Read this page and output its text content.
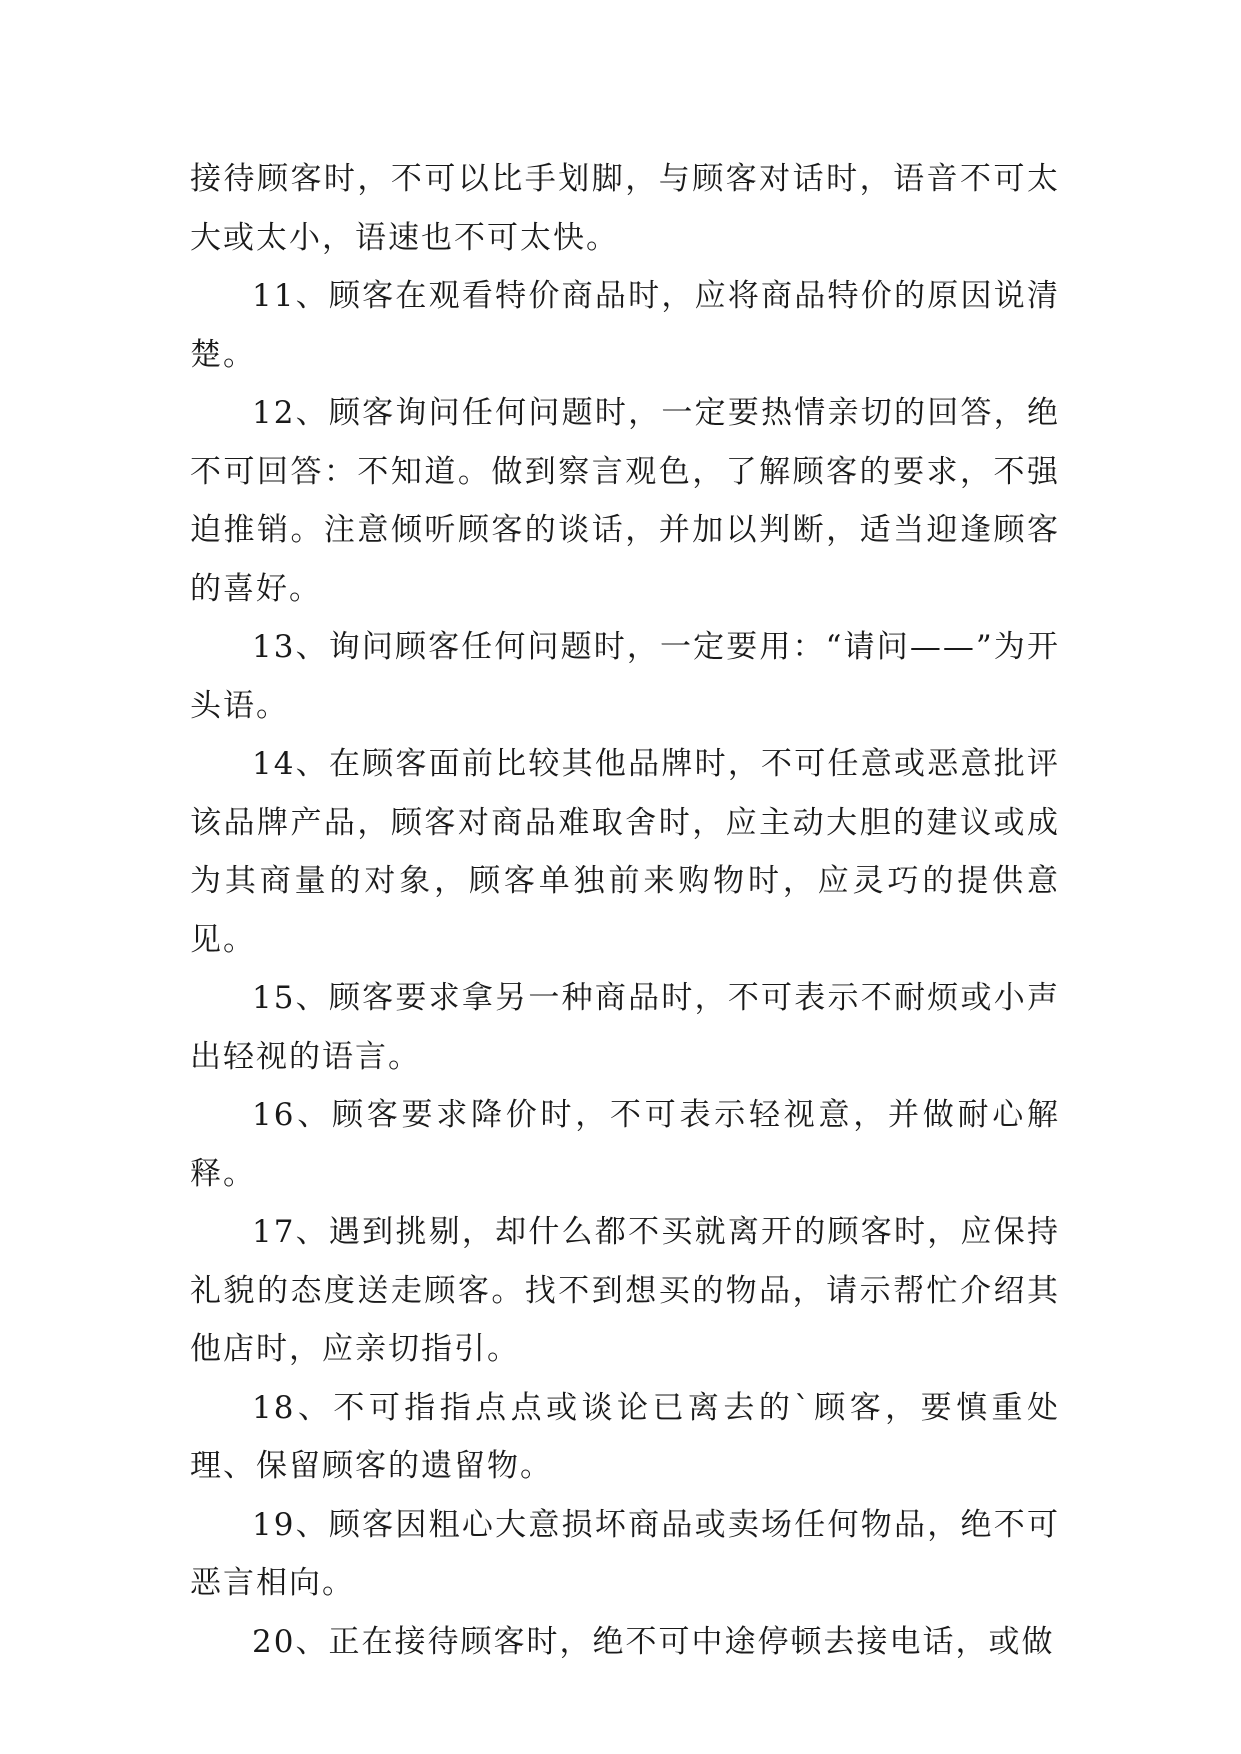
接待顾客时，不可以比手划脚，与顾客对话时，语音不可太大或太小，语速也不可太快。

11、顾客在观看特价商品时，应将商品特价的原因说清楚。

12、顾客询问任何问题时，一定要热情亲切的回答，绝不可回答：不知道。做到察言观色，了解顾客的要求，不强迫推销。注意倾听顾客的谈话，并加以判断，适当迎逢顾客的喜好。

13、询问顾客任何问题时，一定要用：“请问——”为开头语。

14、在顾客面前比较其他品牌时，不可任意或恶意批评该品牌产品，顾客对商品难取舍时，应主动大胆的建议或成为其商量的对象，顾客单独前来购物时，应灵巧的提供意见。

15、顾客要求拿另一种商品时，不可表示不耐烦或小声出轻视的语言。

16、顾客要求降价时，不可表示轻视意，并做耐心解释。

17、遇到挑剔，却什么都不买就离开的顾客时，应保持礼貌的态度送走顾客。找不到想买的物品，请示帮忙介绍其他店时，应亲切指引。

18、不可指指点点或谈论已离去的`顾客，要慎重处理、保留顾客的遗留物。

19、顾客因粗心大意损坏商品或卖场任何物品，绝不可恶言相向。

20、正在接待顾客时，绝不可中途停顿去接电话，或做
